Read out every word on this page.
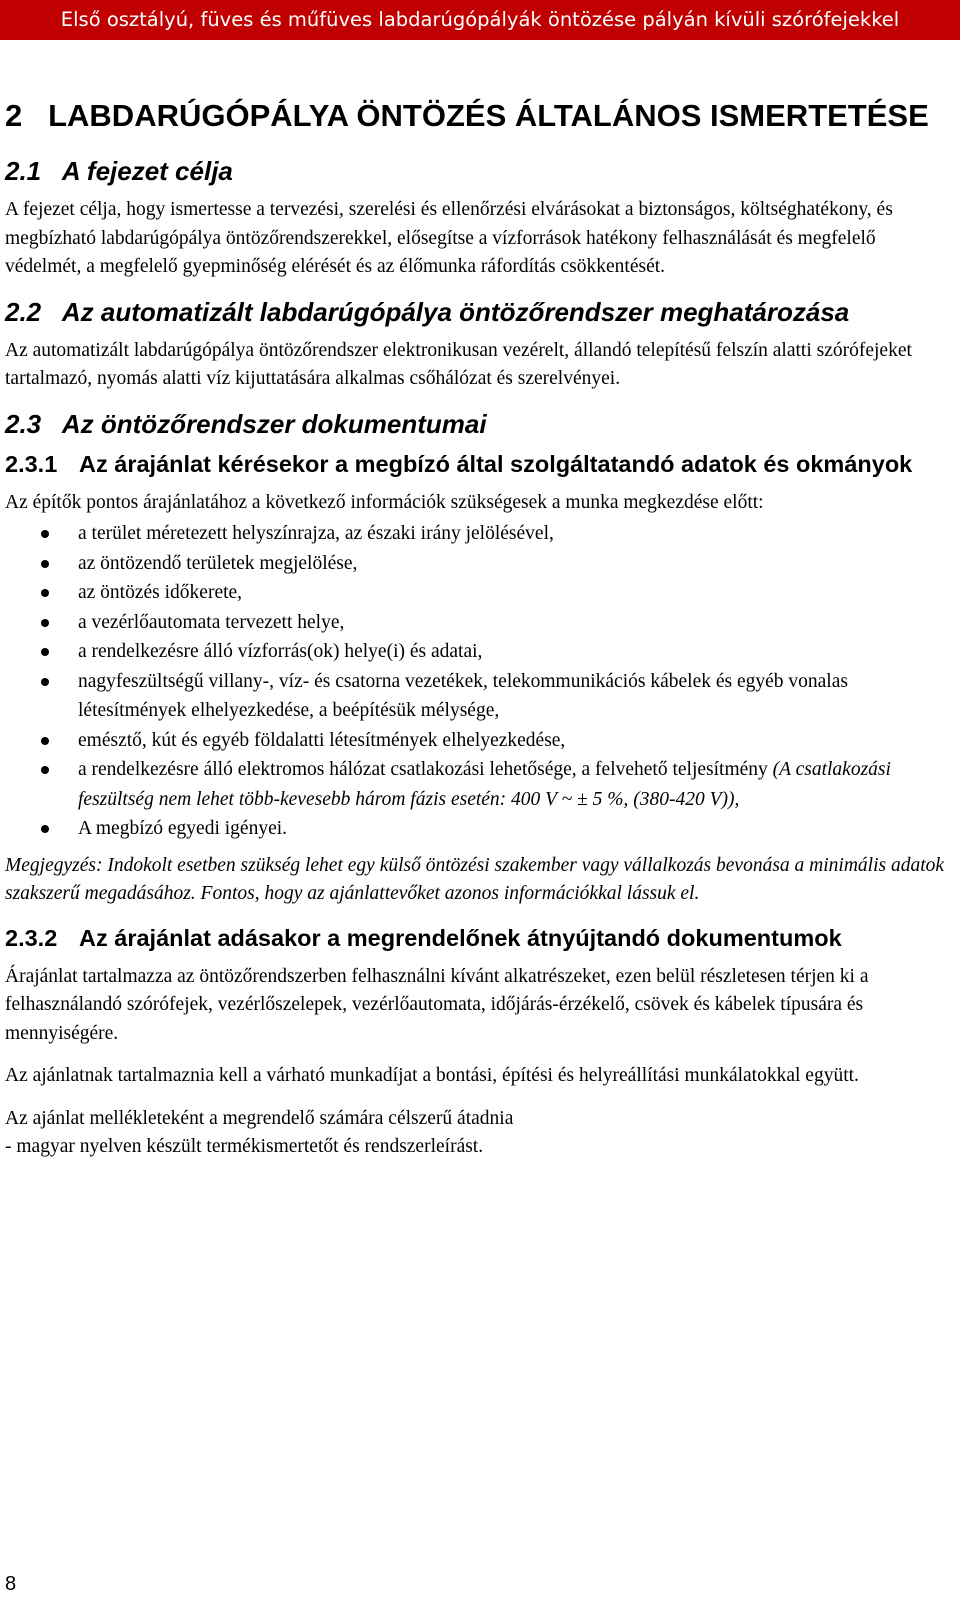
Első osztályú, füves és műfüves labdarúgópályák öntözése pályán kívüli szórófejekkel
2 LABDARÚGÓPÁLYA ÖNTÖZÉS ÁLTALÁNOS ISMERTETÉSE
2.1 A fejezet célja

A fejezet célja, hogy ismertesse a tervezési, szerelési és ellenőrzési elvárásokat a biztonságos, költséghatékony, és megbízható labdarúgópálya öntözőrendszerekkel, elősegítse a vízforrások hatékony felhasználását és megfelelő védelmét, a megfelelő gyepminőség elérését és az élőmunka ráfordítás csökkentését.

2.2 Az automatizált labdarúgópálya öntözőrendszer meghatározása

Az automatizált labdarúgópálya öntözőrendszer elektronikusan vezérelt, állandó telepítésű felszín alatti szórófejeket tartalmazó, nyomás alatti víz kijuttatására alkalmas csőhálózat és szerelvényei.

2.3 Az öntözőrendszer dokumentumai
2.3.1 Az árajánlat kérésekor a megbízó által szolgáltatandó adatok és okmányok

Az építők pontos árajánlatához a következő információk szükségesek a munka megkezdése előtt:

a terület méretezett helyszínrajza, az északi irány jelölésével,
az öntözendő területek megjelölése,
az öntözés időkerete,
a vezérlőautomata tervezett helye,
a rendelkezésre álló vízforrás(ok) helye(i) és adatai,
nagyfeszültségű villany-, víz- és csatorna vezetékek, telekommunikációs kábelek és egyéb vonalas létesítmények elhelyezkedése, a beépítésük mélysége,
emésztő, kút és egyéb földalatti létesítmények elhelyezkedése,
a rendelkezésre álló elektromos hálózat csatlakozási lehetősége, a felvehető teljesítmény (A csatlakozási feszültség nem lehet több-kevesebb három fázis esetén: 400 V ~ ± 5 %, (380-420 V)),
A megbízó egyedi igényei.

Megjegyzés: Indokolt esetben szükség lehet egy külső öntözési szakember vagy vállalkozás bevonása a minimális adatok szakszerű megadásához. Fontos, hogy az ajánlattevőket azonos információkkal lássuk el.

2.3.2 Az árajánlat adásakor a megrendelőnek átnyújtandó dokumentumok

Árajánlat tartalmazza az öntözőrendszerben felhasználni kívánt alkatrészeket, ezen belül részletesen térjen ki a felhasználandó szórófejek, vezérlőszelepek, vezérlőautomata, időjárás-érzékelő, csövek és kábelek típusára és mennyiségére.

Az ajánlatnak tartalmaznia kell a várható munkadíjat a bontási, építési és helyreállítási munkálatokkal együtt.

Az ajánlat mellékleteként a megrendelő számára célszerű átadnia
- magyar nyelven készült termékismertetőt és rendszerleírást.

8
